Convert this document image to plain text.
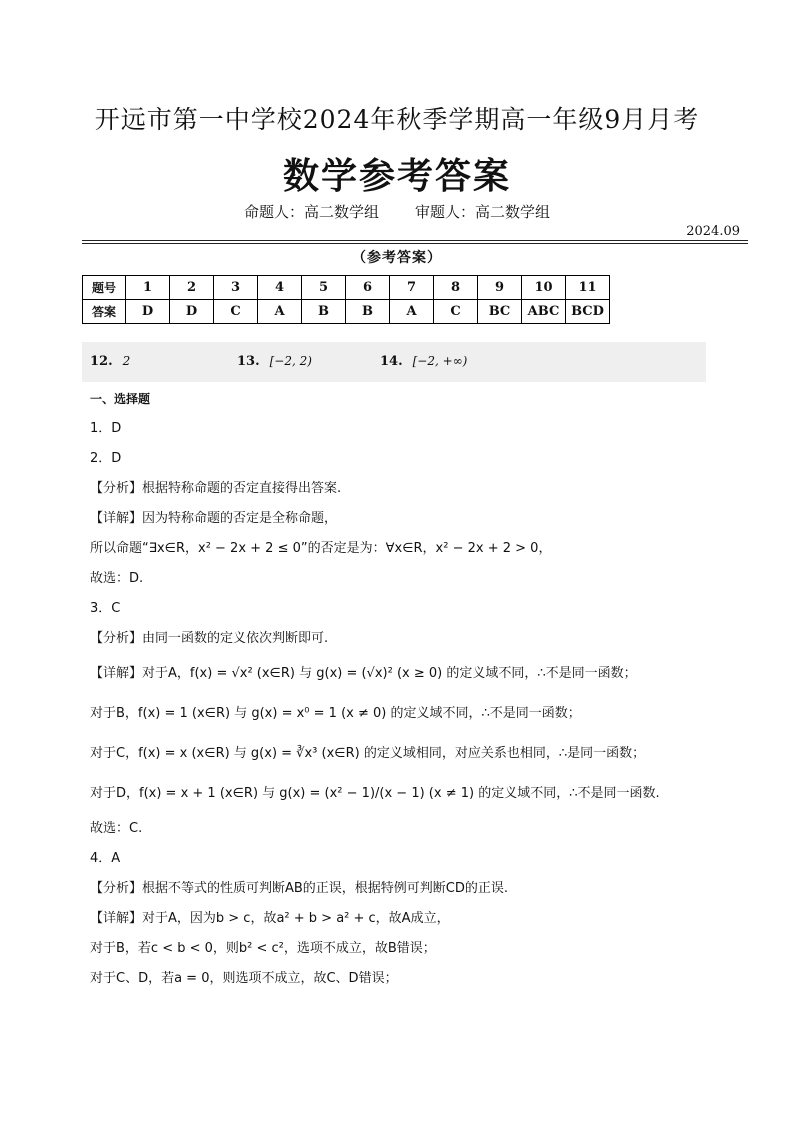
开远市第一中学校2024年秋季学期高一年级9月月考
数学参考答案
命题人：高二数学组 审题人：高二数学组
2024.09
（参考答案）
题号	1	2	3	4	5	6	7	8	9	10	11
答案	D	D	C	A	B	B	A	C	BC	ABC	BCD
12. 2	13. [−2, 2)	14. [−2, +∞)
一、选择题
1．D
2．D
【分析】根据特称命题的否定直接得出答案.
【详解】因为特称命题的否定是全称命题，
所以命题“∃x∈R，x² − 2x + 2 ≤ 0”的否定是为：∀x∈R，x² − 2x + 2 > 0，
故选：D.
3．C
【分析】由同一函数的定义依次判断即可.
【详解】对于A，f(x) = √x² (x∈R) 与 g(x) = (√x)² (x ≥ 0) 的定义域不同，∴不是同一函数；
对于B，f(x) = 1 (x∈R) 与 g(x) = x⁰ = 1 (x ≠ 0) 的定义域不同，∴不是同一函数；
对于C，f(x) = x (x∈R) 与 g(x) = ∛x³ (x∈R) 的定义域相同，对应关系也相同，∴是同一函数；
对于D，f(x) = x + 1 (x∈R) 与 g(x) = (x² − 1)/(x − 1) (x ≠ 1) 的定义域不同，∴不是同一函数.
故选：C.
4．A
【分析】根据不等式的性质可判断AB的正误，根据特例可判断CD的正误.
【详解】对于A，因为b > c，故a² + b > a² + c，故A成立，
对于B，若c < b < 0，则b² < c²，选项不成立，故B错误；
对于C、D，若a = 0，则选项不成立，故C、D错误；
